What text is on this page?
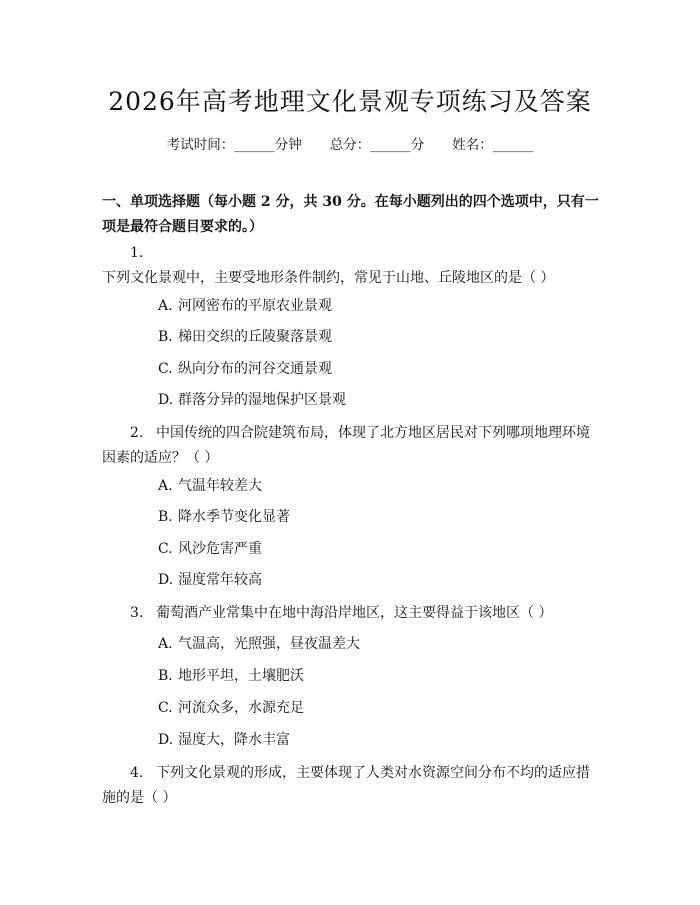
2026年高考地理文化景观专项练习及答案
考试时间：______分钟 总分：______分 姓名：______
一、单项选择题（每小题 2 分，共 30 分。在每小题列出的四个选项中，只有一项是最符合题目要求的。）
1.下列文化景观中，主要受地形条件制约，常见于山地、丘陵地区的是（ ）
A. 河网密布的平原农业景观
B. 梯田交织的丘陵聚落景观
C. 纵向分布的河谷交通景观
D. 群落分异的湿地保护区景观
2. 中国传统的四合院建筑布局，体现了北方地区居民对下列哪项地理环境因素的适应？（ ）
A. 气温年较差大
B. 降水季节变化显著
C. 风沙危害严重
D. 湿度常年较高
3. 葡萄酒产业常集中在地中海沿岸地区，这主要得益于该地区（ ）
A. 气温高，光照强，昼夜温差大
B. 地形平坦，土壤肥沃
C. 河流众多，水源充足
D. 湿度大，降水丰富
4. 下列文化景观的形成，主要体现了人类对水资源空间分布不均的适应措施的是（ ）
